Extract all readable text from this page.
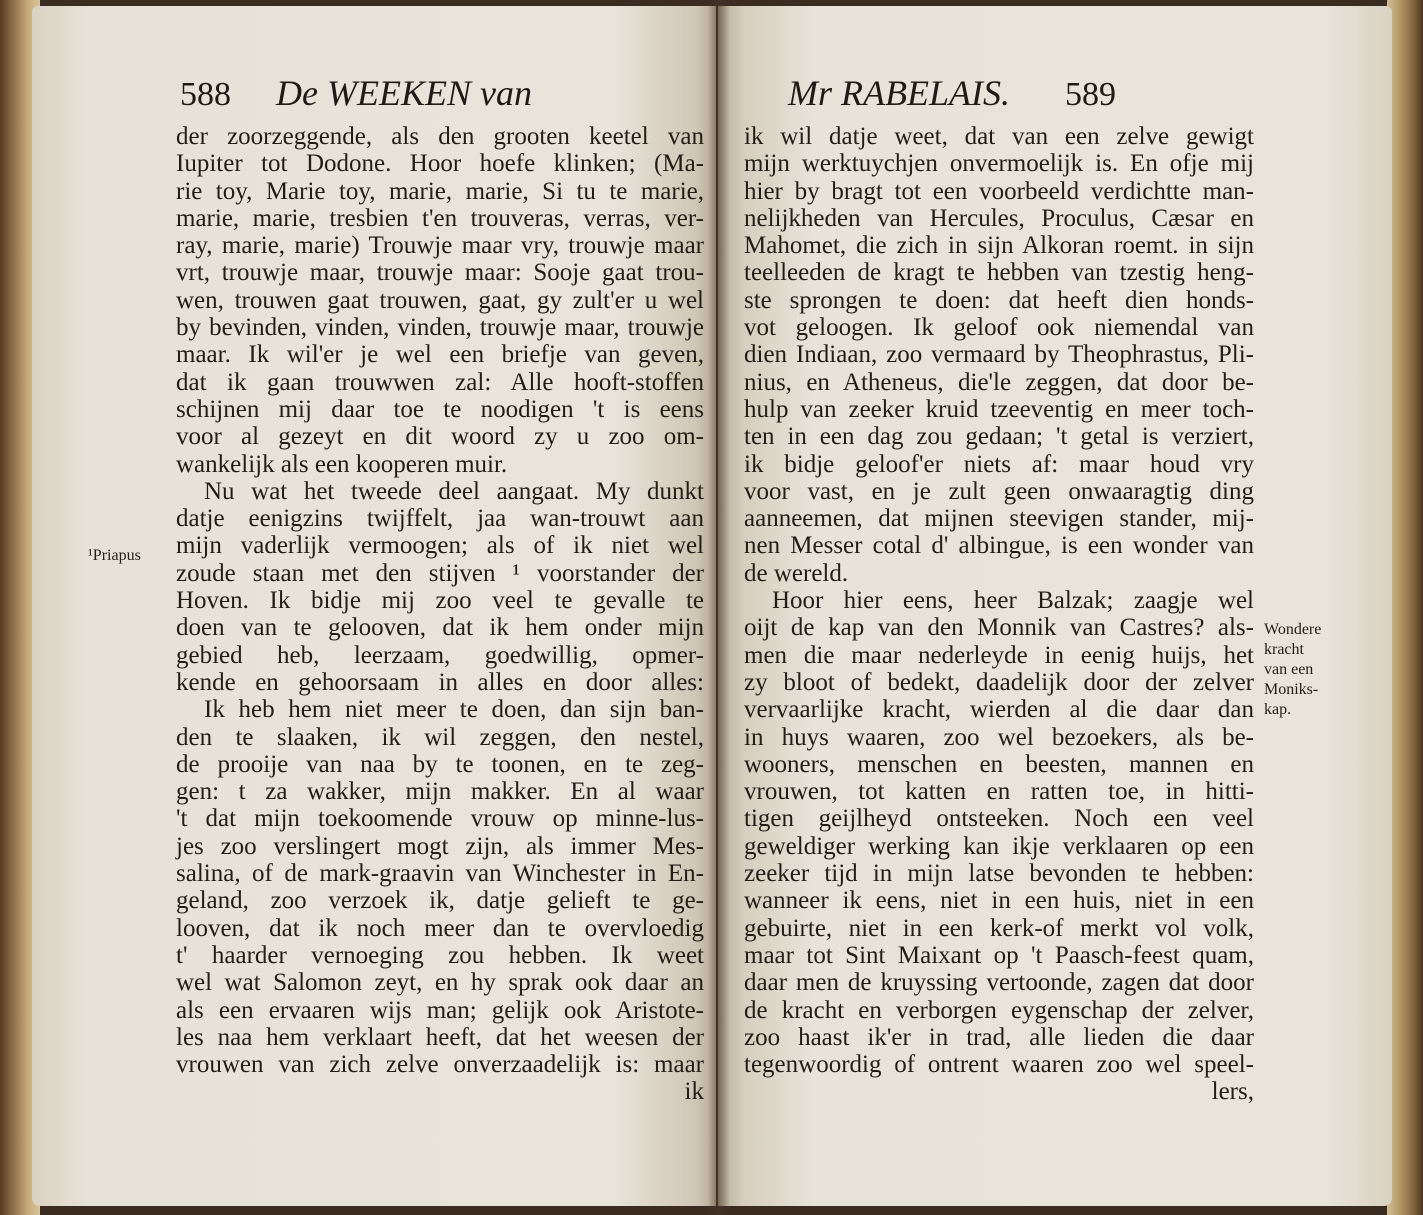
588 De WEEKEN van
¹Priapus
der zoorzeggende, als den grooten keetel van
Iupiter tot Dodone. Hoor hoefe klinken; (Ma-
rie toy, Marie toy, marie, marie, Si tu te marie,
marie, marie, tresbien t'en trouveras, verras, ver-
ray, marie, marie) Trouwje maar vry, trouwje maar
vrt, trouwje maar, trouwje maar: Sooje gaat trou-
wen, trouwen gaat trouwen, gaat, gy zult'er u wel
by bevinden, vinden, vinden, trouwje maar, trouwje
maar. Ik wil'er je wel een briefje van geven,
dat ik gaan trouwwen zal: Alle hooft-stoffen
schijnen mij daar toe te noodigen 't is eens
voor al gezeyt en dit woord zy u zoo om-
wankelijk als een kooperen muir.
Nu wat het tweede deel aangaat. My dunkt
datje eenigzins twijffelt, jaa wan-trouwt aan
mijn vaderlijk vermoogen; als of ik niet wel
zoude staan met den stijven ¹ voorstander der
Hoven. Ik bidje mij zoo veel te gevalle te
doen van te gelooven, dat ik hem onder mijn
gebied heb, leerzaam, goedwillig, opmer-
kende en gehoorsaam in alles en door alles:
Ik heb hem niet meer te doen, dan sijn ban-
den te slaaken, ik wil zeggen, den nestel,
de prooije van naa by te toonen, en te zeg-
gen: t za wakker, mijn makker. En al waar
't dat mijn toekoomende vrouw op minne-lus-
jes zoo verslingert mogt zijn, als immer Mes-
salina, of de mark-graavin van Winchester in En-
geland, zoo verzoek ik, datje gelieft te ge-
looven, dat ik noch meer dan te overvloedig
t' haarder vernoeging zou hebben. Ik weet
wel wat Salomon zeyt, en hy sprak ook daar an
als een ervaaren wijs man; gelijk ook Aristote-
les naa hem verklaart heeft, dat het weesen der
vrouwen van zich zelve onverzaadelijk is: maar
ik
Mr RABELAIS. 589
Wondere
kracht
van een
Moniks-
kap.
ik wil datje weet, dat van een zelve gewigt
mijn werktuychjen onvermoelijk is. En ofje mij
hier by bragt tot een voorbeeld verdichtte man-
nelijkheden van Hercules, Proculus, Cæsar en
Mahomet, die zich in sijn Alkoran roemt. in sijn
teelleeden de kragt te hebben van tzestig heng-
ste sprongen te doen: dat heeft dien honds-
vot geloogen. Ik geloof ook niemendal van
dien Indiaan, zoo vermaard by Theophrastus, Pli-
nius, en Atheneus, die'le zeggen, dat door be-
hulp van zeeker kruid tzeeventig en meer toch-
ten in een dag zou gedaan; 't getal is verziert,
ik bidje geloof'er niets af: maar houd vry
voor vast, en je zult geen onwaaragtig ding
aanneemen, dat mijnen steevigen stander, mij-
nen Messer cotal d' albingue, is een wonder van
de wereld.
Hoor hier eens, heer Balzak; zaagje wel
oijt de kap van den Monnik van Castres? als-
men die maar nederleyde in eenig huijs, het
zy bloot of bedekt, daadelijk door der zelver
vervaarlijke kracht, wierden al die daar dan
in huys waaren, zoo wel bezoekers, als be-
wooners, menschen en beesten, mannen en
vrouwen, tot katten en ratten toe, in hitti-
tigen geijlheyd ontsteeken. Noch een veel
geweldiger werking kan ikje verklaaren op een
zeeker tijd in mijn latse bevonden te hebben:
wanneer ik eens, niet in een huis, niet in een
gebuirte, niet in een kerk-of merkt vol volk,
maar tot Sint Maixant op 't Paasch-feest quam,
daar men de kruyssing vertoonde, zagen dat door
de kracht en verborgen eygenschap der zelver,
zoo haast ik'er in trad, alle lieden die daar
tegenwoordig of ontrent waaren zoo wel speel-
lers,
